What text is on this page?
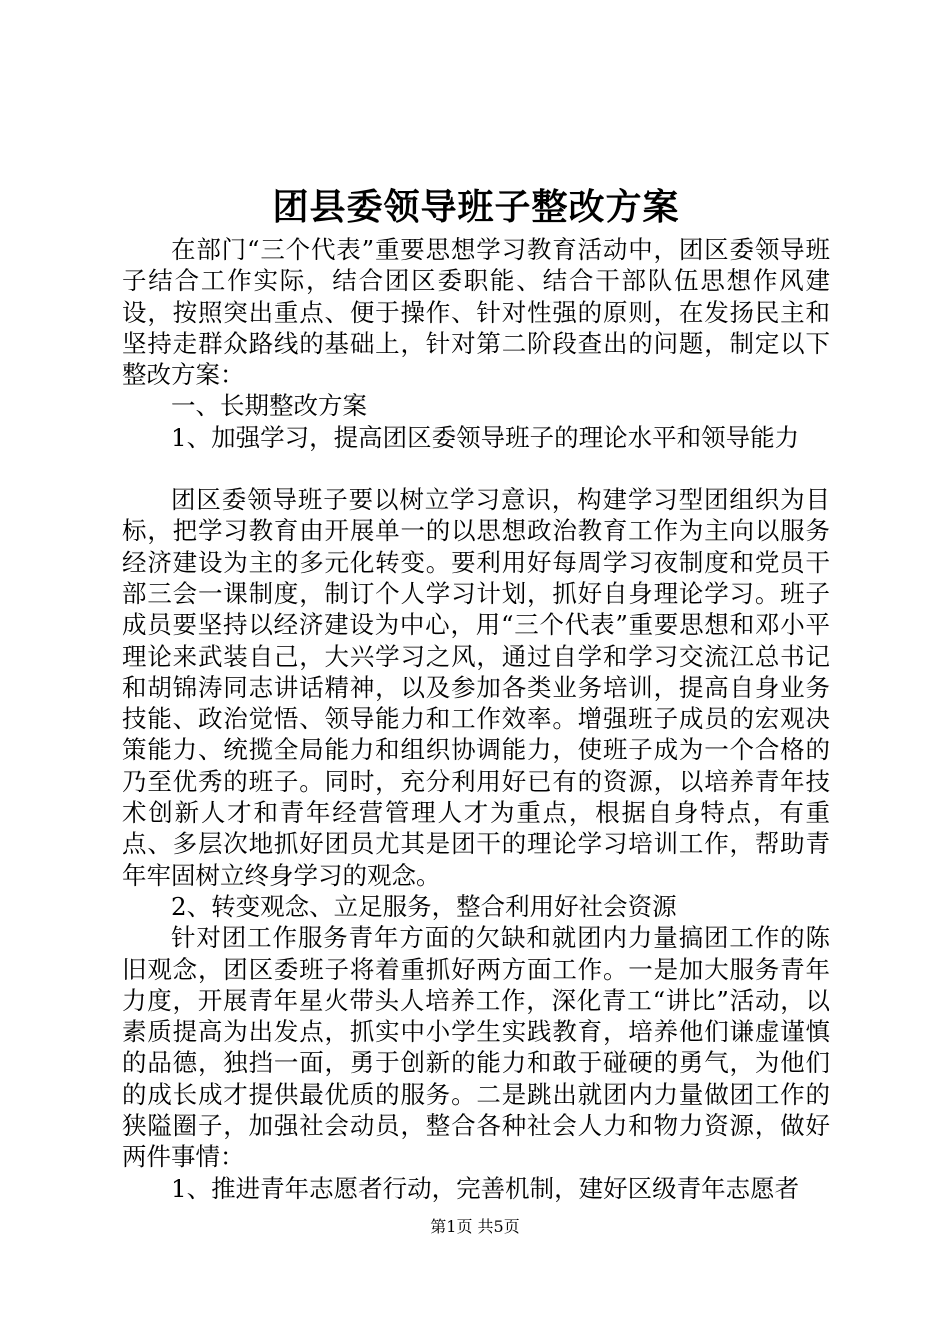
团县委领导班子整改方案

在部门“三个代表”重要思想学习教育活动中，团区委领导班子结合工作实际，结合团区委职能、结合干部队伍思想作风建设，按照突出重点、便于操作、针对性强的原则，在发扬民主和坚持走群众路线的基础上，针对第二阶段查出的问题，制定以下整改方案：

一、长期整改方案

1、加强学习，提高团区委领导班子的理论水平和领导能力

团区委领导班子要以树立学习意识，构建学习型团组织为目标，把学习教育由开展单一的以思想政治教育工作为主向以服务经济建设为主的多元化转变。要利用好每周学习夜制度和党员干部三会一课制度，制订个人学习计划，抓好自身理论学习。班子成员要坚持以经济建设为中心，用“三个代表”重要思想和邓小平理论来武装自己，大兴学习之风，通过自学和学习交流江总书记和胡锦涛同志讲话精神，以及参加各类业务培训，提高自身业务技能、政治觉悟、领导能力和工作效率。增强班子成员的宏观决策能力、统揽全局能力和组织协调能力，使班子成为一个合格的乃至优秀的班子。同时，充分利用好已有的资源，以培养青年技术创新人才和青年经营管理人才为重点，根据自身特点，有重点、多层次地抓好团员尤其是团干的理论学习培训工作，帮助青年牢固树立终身学习的观念。

2、转变观念、立足服务，整合利用好社会资源

针对团工作服务青年方面的欠缺和就团内力量搞团工作的陈旧观念，团区委班子将着重抓好两方面工作。一是加大服务青年力度，开展青年星火带头人培养工作，深化青工“讲比”活动，以素质提高为出发点，抓实中小学生实践教育，培养他们谦虚谨慎的品德，独挡一面，勇于创新的能力和敢于碰硬的勇气，为他们的成长成才提供最优质的服务。二是跳出就团内力量做团工作的狭隘圈子，加强社会动员，整合各种社会人力和物力资源，做好两件事情：

1、推进青年志愿者行动，完善机制，建好区级青年志愿者

第1页 共5页
